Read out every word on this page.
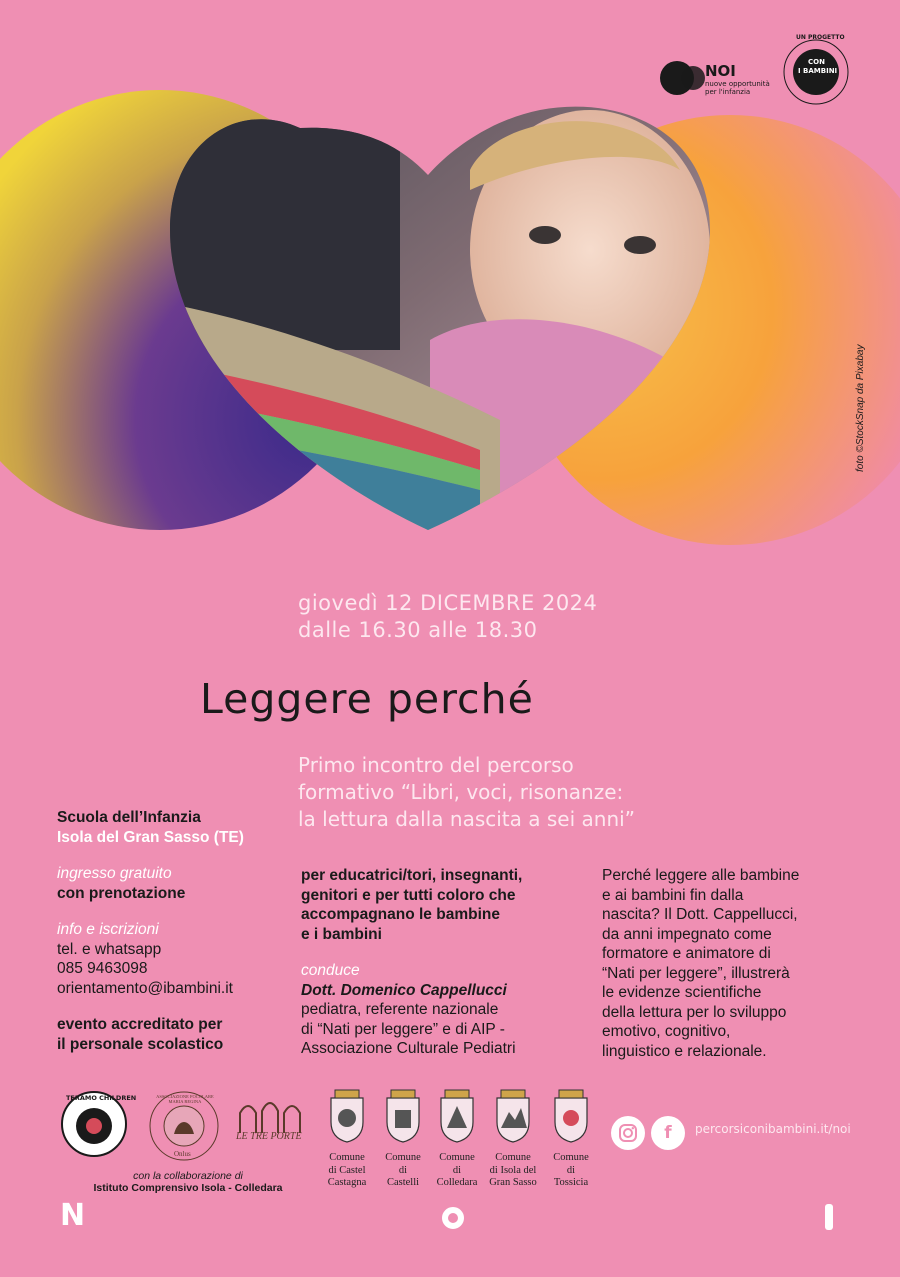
NOI
nuove opportunità
per l'infanzia
UN PROGETTO
CON
I BAMBINI
foto ©StockSnap da Pixabay
giovedì 12 DICEMBRE 2024
dalle 16.30 alle 18.30
Leggere perché
Primo incontro del percorso
formativo “Libri, voci, risonanze:
la lettura dalla nascita a sei anni”
Scuola dell’Infanzia
Isola del Gran Sasso (TE)
ingresso gratuito
con prenotazione
info e iscrizioni
tel. e whatsapp
085 9463098
orientamento@ibambini.it
evento accreditato per
il personale scolastico
per educatrici/tori, insegnanti,
genitori e per tutti coloro che
accompagnano le bambine
e i bambini
conduce
Dott. Domenico Cappellucci
pediatra, referente nazionale
di “Nati per leggere” e di AIP -
Associazione Culturale Pediatri
Perché leggere alle bambine
e ai bambini fin dalla
nascita? Il Dott. Cappellucci,
da anni impegnato come
formatore e animatore di
“Nati per leggere”, illustrerà
le evidenze scientifiche
della lettura per lo sviluppo
emotivo, cognitivo,
linguistico e relazionale.
TERAMO CHILDREN	ASSOCIAZIONE FOCOLARE MARIA REGINA
Onlus
LE TRE PORTE
con la collaborazione di
Istituto Comprensivo Isola - Colledara
Comune
di Castel
Castagna
Comune
di
Castelli
Comune
di
Colledara
Comune
di Isola del
Gran Sasso
Comune
di
Tossicia
f	percorsiconibambini.it/noi
N
